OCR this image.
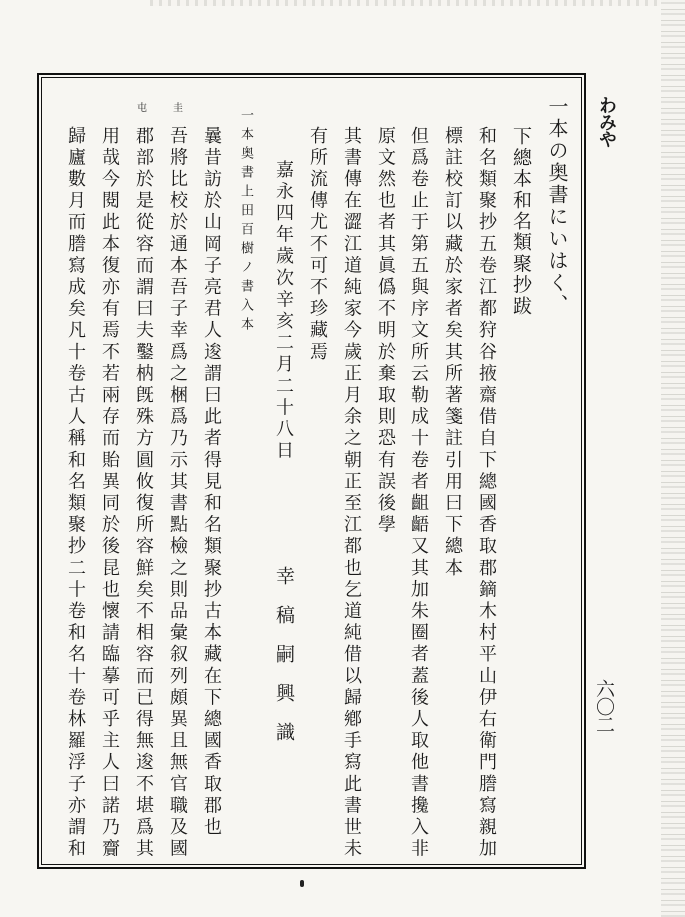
わみや
六〇二
一本の奥書にいはく、
下總本和名類聚抄跋
和名類聚抄五卷江都狩谷掖齋借自下總國香取郡鏑木村平山伊右衛門謄寫親加
標註校訂以藏於家者矣其所著箋註引用曰下總本
但爲卷止于第五與序文所云勒成十卷者齟齬又其加朱圈者蓋後人取他書攙入非
原文然也者其眞僞不明於棄取則恐有誤後學
其書傳在澀江道純家今歲正月余之朝正至江都也乞道純借以歸鄕手寫此書世未
有所流傳尤不可不珍藏焉
嘉永四年歲次辛亥二月二十八日
幸稿嗣興識
一本奥書上田百樹ノ書入本
曩昔訪於山岡子亮君人逡謂曰此者得見和名類聚抄古本藏在下總國香取郡也
吾將比校於通本吾子幸爲之梱爲乃示其書點檢之則品彙叙列頗異且無官職及國
郡部於是從容而謂曰夫鑿枘旣殊方圓攸復所容鮮矣不相容而已得無逡不堪爲其
用哉今閱此本復亦有焉不若兩存而貽異同於後昆也懷請臨摹可乎主人曰諾乃齎
歸廬數月而謄寫成矣凡十卷古人稱和名類聚抄二十卷和名十卷林羅浮子亦謂和
圭
屯
